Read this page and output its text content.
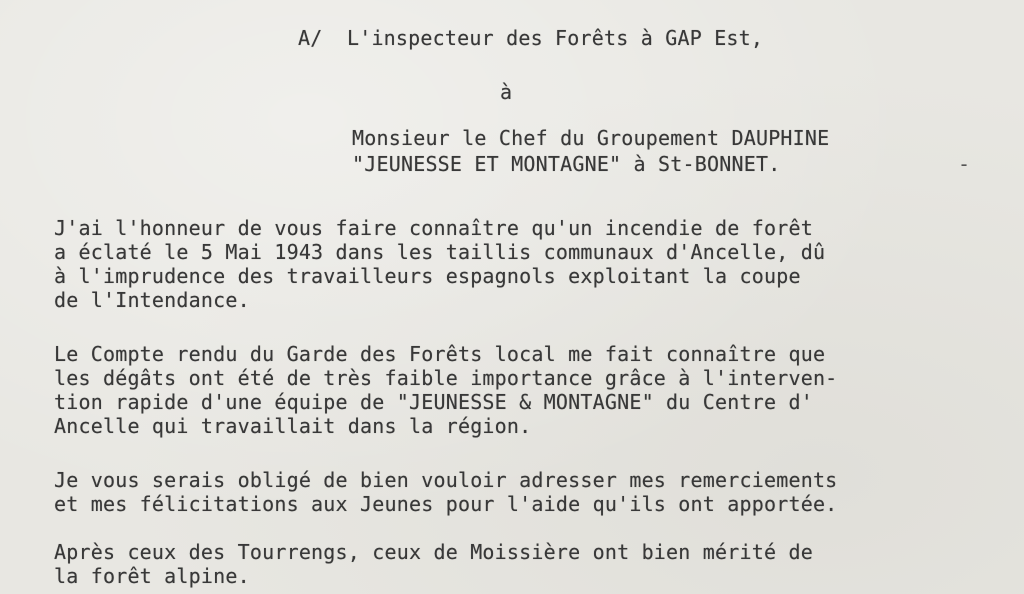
A/  L'inspecteur des Forêts à GAP Est,
à
Monsieur le Chef du Groupement DAUPHINE
"JEUNESSE ET MONTAGNE" à St-BONNET.	-
J'ai l'honneur de vous faire connaître qu'un incendie de forêt
a éclaté le 5 Mai 1943 dans les taillis communaux d'Ancelle, dû
à l'imprudence des travailleurs espagnols exploitant la coupe
de l'Intendance.
Le Compte rendu du Garde des Forêts local me fait connaître que
les dégâts ont été de très faible importance grâce à l'interven-
tion rapide d'une équipe de "JEUNESSE & MONTAGNE" du Centre d'
Ancelle qui travaillait dans la région.
Je vous serais obligé de bien vouloir adresser mes remerciements
et mes félicitations aux Jeunes pour l'aide qu'ils ont apportée.
Après ceux des Tourrengs, ceux de Moissière ont bien mérité de
la forêt alpine.
